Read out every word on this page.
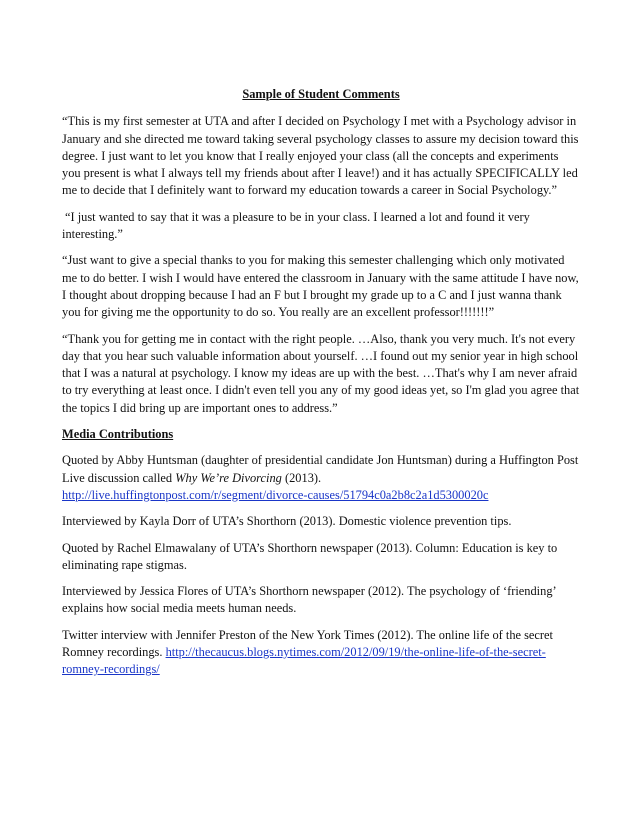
Sample of Student Comments

“This is my first semester at UTA and after I decided on Psychology I met with a Psychology advisor in January and she directed me toward taking several psychology classes to assure my decision toward this degree. I just want to let you know that I really enjoyed your class (all the concepts and experiments you present is what I always tell my friends about after I leave!) and it has actually SPECIFICALLY led me to decide that I definitely want to forward my education towards a career in Social Psychology.”

“I just wanted to say that it was a pleasure to be in your class. I learned a lot and found it very interesting.”

“Just want to give a special thanks to you for making this semester challenging which only motivated me to do better. I wish I would have entered the classroom in January with the same attitude I have now, I thought about dropping because I had an F but I brought my grade up to a C and I just wanna thank you for giving me the opportunity to do so. You really are an excellent professor!!!!!!!”

“Thank you for getting me in contact with the right people. …Also, thank you very much. It's not every day that you hear such valuable information about yourself. …I found out my senior year in high school that I was a natural at psychology. I know my ideas are up with the best. …That's why I am never afraid to try everything at least once. I didn't even tell you any of my good ideas yet, so I'm glad you agree that the topics I did bring up are important ones to address.”

Media Contributions

Quoted by Abby Huntsman (daughter of presidential candidate Jon Huntsman) during a Huffington Post Live discussion called Why We’re Divorcing (2013).
http://live.huffingtonpost.com/r/segment/divorce-causes/51794c0a2b8c2a1d5300020c

Interviewed by Kayla Dorr of UTA’s Shorthorn (2013). Domestic violence prevention tips.

Quoted by Rachel Elmawalany of UTA’s Shorthorn newspaper (2013). Column: Education is key to eliminating rape stigmas.

Interviewed by Jessica Flores of UTA’s Shorthorn newspaper (2012). The psychology of ‘friending’ explains how social media meets human needs.

Twitter interview with Jennifer Preston of the New York Times (2012). The online life of the secret Romney recordings. http://thecaucus.blogs.nytimes.com/2012/09/19/the-online-life-of-the-secret-romney-recordings/
